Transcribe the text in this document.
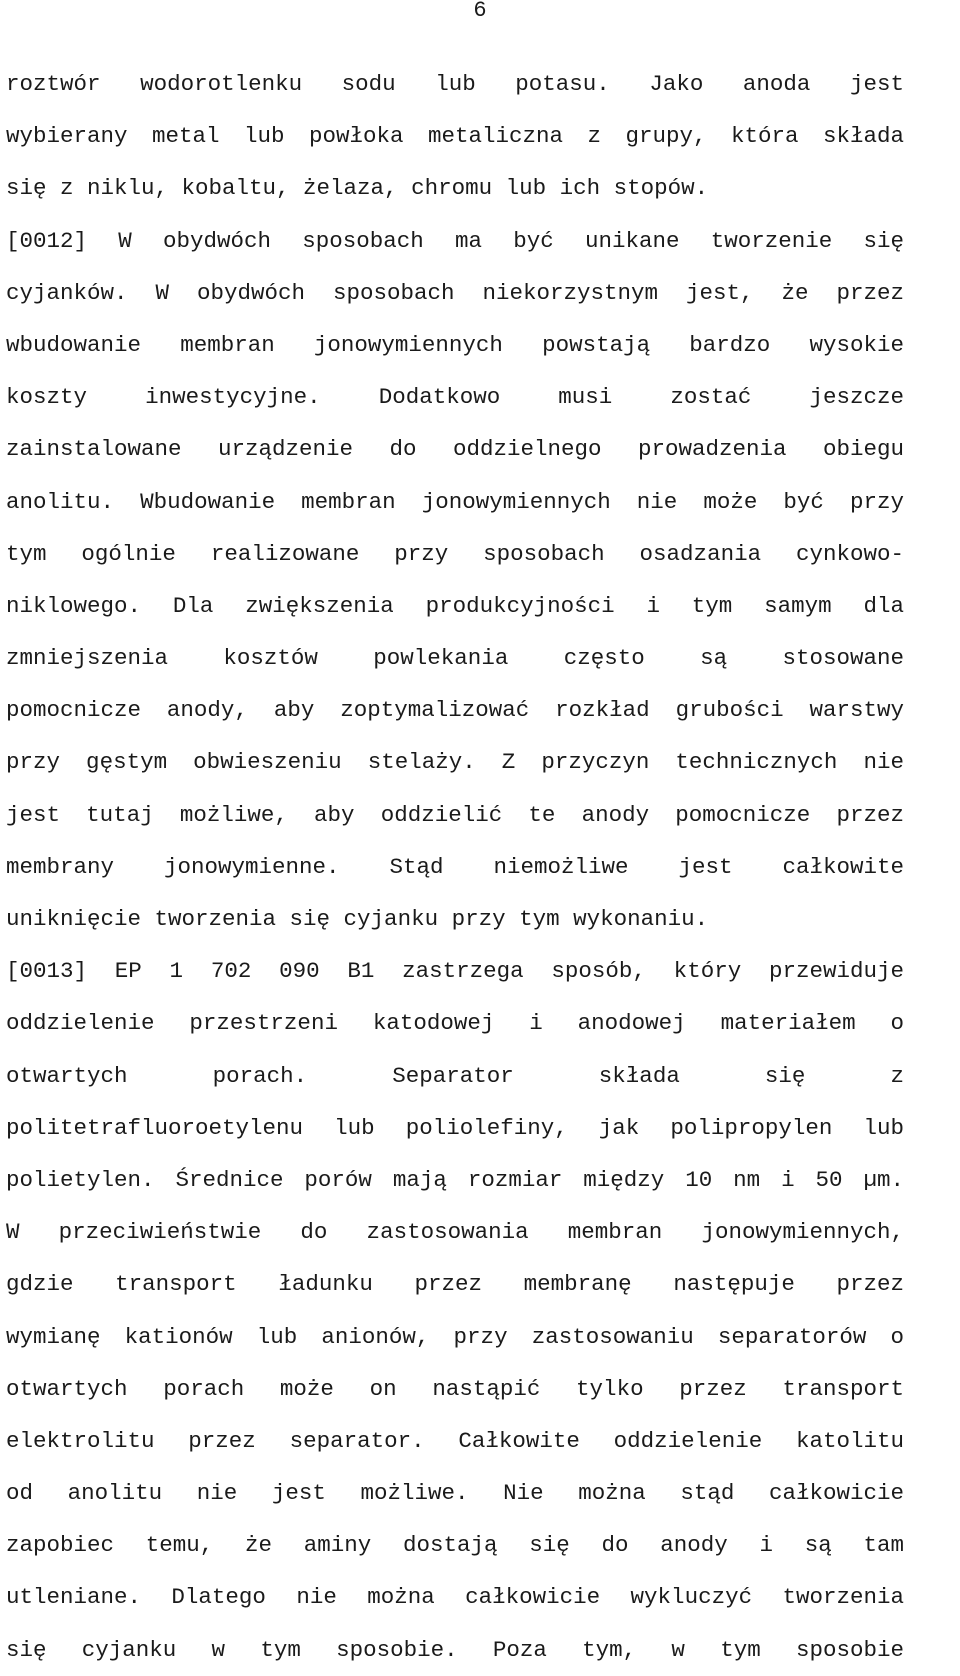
6
roztwór wodorotlenku sodu lub potasu. Jako anoda jest
wybierany metal lub powłoka metaliczna z grupy, która składa
się z niklu, kobaltu, żelaza, chromu lub ich stopów.
[0012] W obydwóch sposobach ma być unikane tworzenie się
cyjanków. W obydwóch sposobach niekorzystnym jest, że przez
wbudowanie membran jonowymiennych powstają bardzo wysokie
koszty inwestycyjne. Dodatkowo musi zostać jeszcze
zainstalowane urządzenie do oddzielnego prowadzenia obiegu
anolitu. Wbudowanie membran jonowymiennych nie może być przy
tym ogólnie realizowane przy sposobach osadzania cynkowo-
niklowego. Dla zwiększenia produkcyjności i tym samym dla
zmniejszenia kosztów powlekania często są stosowane
pomocnicze anody, aby zoptymalizować rozkład grubości warstwy
przy gęstym obwieszeniu stelaży. Z przyczyn technicznych nie
jest tutaj możliwe, aby oddzielić te anody pomocnicze przez
membrany jonowymienne. Stąd niemożliwe jest całkowite
uniknięcie tworzenia się cyjanku przy tym wykonaniu.
[0013] EP 1 702 090 B1 zastrzega sposób, który przewiduje
oddzielenie przestrzeni katodowej i anodowej materiałem o
otwartych porach. Separator składa się z
politetrafluoroetylenu lub poliolefiny, jak polipropylen lub
polietylen. Średnice porów mają rozmiar między 10 nm i 50 µm.
W przeciwieństwie do zastosowania membran jonowymiennych,
gdzie transport ładunku przez membranę następuje przez
wymianę kationów lub anionów, przy zastosowaniu separatorów o
otwartych porach może on nastąpić tylko przez transport
elektrolitu przez separator. Całkowite oddzielenie katolitu
od anolitu nie jest możliwe. Nie można stąd całkowicie
zapobiec temu, że aminy dostają się do anody i są tam
utleniane. Dlatego nie można całkowicie wykluczyć tworzenia
się cyjanku w tym sposobie. Poza tym, w tym sposobie
